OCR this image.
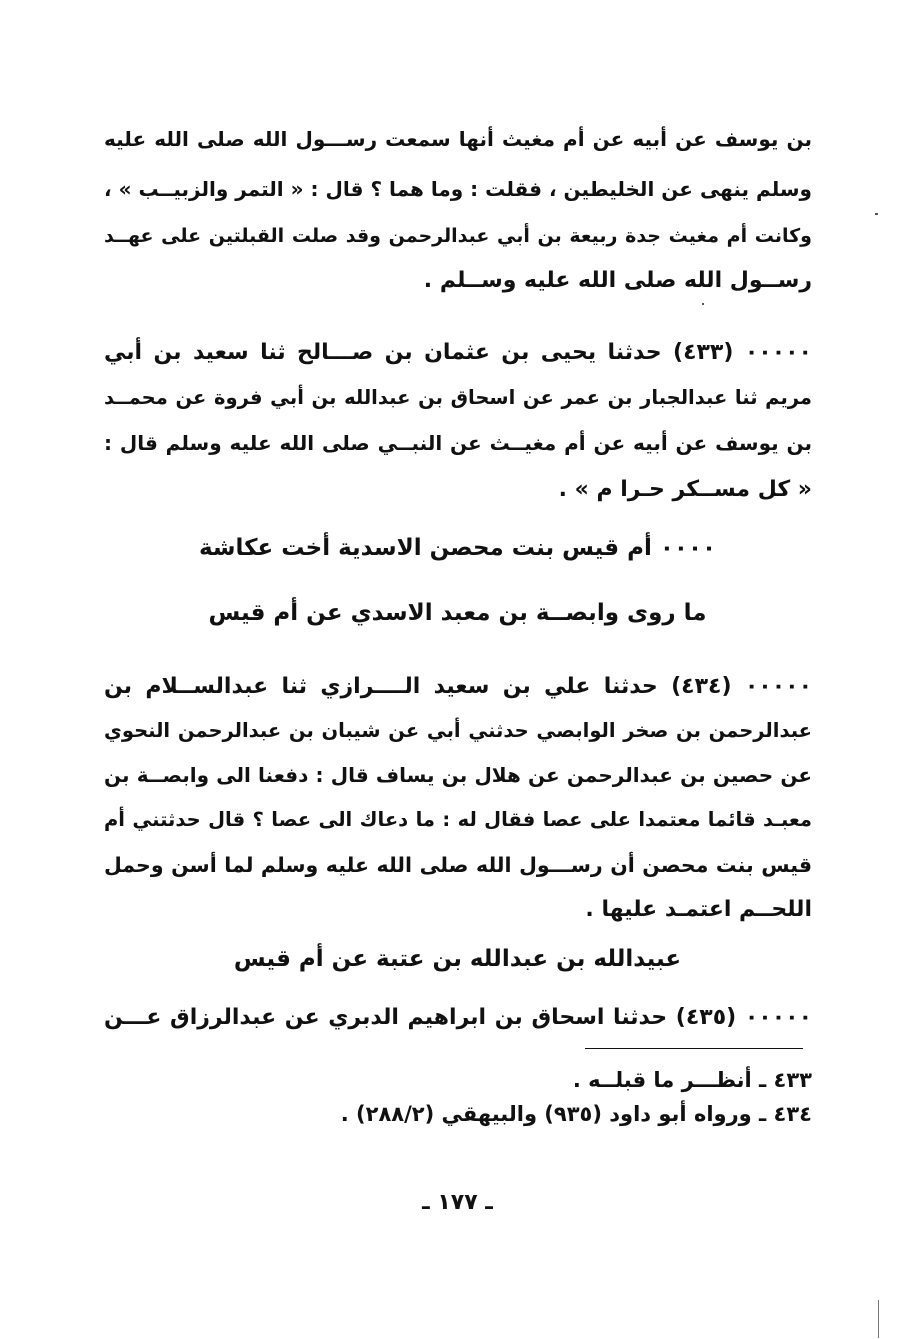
بن يوسف عن أبيه عن أم مغيث أنها سمعت رســـول الله صلى الله عليه
وسلم ينهى عن الخليطين ، فقلت : وما هما ؟ قال : « التمر والزبيــب » ،
وكانت أم مغيث جدة ربيعة بن أبي عبدالرحمن وقد صلت القبلتين على عهــد
رســول الله صلى الله عليه وســلم .
٠٠٠٠٠ (٤٣٣) حدثنا يحيى بن عثمان بن صـــالح ثنا سعيد بن أبي
مريم ثنا عبدالجبار بن عمر عن اسحاق بن عبدالله بن أبي فروة عن محمــد
بن يوسف عن أبيه عن أم مغيــث عن النبــي صلى الله عليه وسلم قال :
« كل مســكر حـرا م » .
٠٠٠٠ أم قيس بنت محصن الاسدية أخت عكاشة
ما روى وابصــة بن معبد الاسدي عن أم قيس
٠٠٠٠٠ (٤٣٤) حدثنا علي بن سعيد الــــرازي ثنا عبدالســلام بن
عبدالرحمن بن صخر الوابصي حدثني أبي عن شيبان بن عبدالرحمن النحوي
عن حصين بن عبدالرحمن عن هلال بن يساف قال : دفعنا الى وابصــة بن
معبـد قائما معتمدا على عصا فقال له : ما دعاك الى عصا ؟ قال حدثتني أم
قيس بنت محصن أن رســـول الله صلى الله عليه وسلم لما أسن وحمل
اللحــم اعتمـد عليها .
عبيدالله بن عبدالله بن عتبة عن أم قيس
٠٠٠٠٠ (٤٣٥) حدثنا اسحاق بن ابراهيم الدبري عن عبدالرزاق عـــن
٤٣٣ ـ أنظـــر ما قبلــه .
٤٣٤ ـ ورواه أبو داود (٩٣٥) والبيهقي (٢٨٨/٢) .
ـ ١٧٧ ـ
